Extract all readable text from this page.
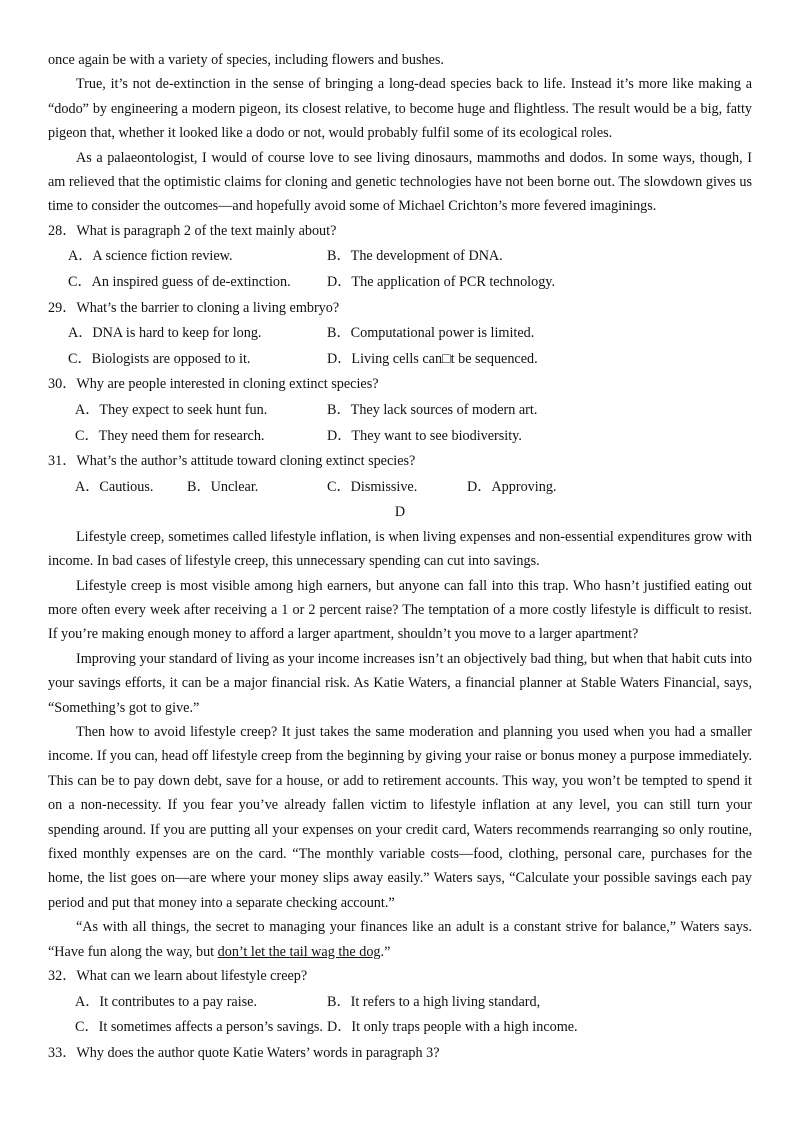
once again be with a variety of species, including flowers and bushes.

True, it’s not de-extinction in the sense of bringing a long-dead species back to life. Instead it’s more like making a “dodo” by engineering a modern pigeon, its closest relative, to become huge and flightless. The result would be a big, fatty pigeon that, whether it looked like a dodo or not, would probably fulfil some of its ecological roles.

As a palaeontologist, I would of course love to see living dinosaurs, mammoths and dodos. In some ways, though, I am relieved that the optimistic claims for cloning and genetic technologies have not been borne out. The slowdown gives us time to consider the outcomes—and hopefully avoid some of Michael Crichton’s more fevered imaginings.

28．What is paragraph 2 of the text mainly about?
A．A science fiction review.	B．The development of DNA.
C．An inspired guess of de-extinction.	D．The application of PCR technology.
29．What’s the barrier to cloning a living embryo?
A．DNA is hard to keep for long.	B．Computational power is limited.
C．Biologists are opposed to it.	D．Living cells can□t be sequenced.
30．Why are people interested in cloning extinct species?
A．They expect to seek hunt fun.	B．They lack sources of modern art.
C．They need them for research.	D．They want to see biodiversity.
31．What’s the author’s attitude toward cloning extinct species?
A．Cautious. B．Unclear.	C．Dismissive.	D．Approving.
D

Lifestyle creep, sometimes called lifestyle inflation, is when living expenses and non-essential expenditures grow with income. In bad cases of lifestyle creep, this unnecessary spending can cut into savings.

Lifestyle creep is most visible among high earners, but anyone can fall into this trap. Who hasn’t justified eating out more often every week after receiving a 1 or 2 percent raise? The temptation of a more costly lifestyle is difficult to resist. If you’re making enough money to afford a larger apartment, shouldn’t you move to a larger apartment?

Improving your standard of living as your income increases isn’t an objectively bad thing, but when that habit cuts into your savings efforts, it can be a major financial risk. As Katie Waters, a financial planner at Stable Waters Financial, says, “Something’s got to give.”

Then how to avoid lifestyle creep? It just takes the same moderation and planning you used when you had a smaller income. If you can, head off lifestyle creep from the beginning by giving your raise or bonus money a purpose immediately. This can be to pay down debt, save for a house, or add to retirement accounts. This way, you won’t be tempted to spend it on a non-necessity. If you fear you’ve already fallen victim to lifestyle inflation at any level, you can still turn your spending around. If you are putting all your expenses on your credit card, Waters recommends rearranging so only routine, fixed monthly expenses are on the card. “The monthly variable costs—food, clothing, personal care, purchases for the home, the list goes on—are where your money slips away easily.” Waters says, “Calculate your possible savings each pay period and put that money into a separate checking account.”

“As with all things, the secret to managing your finances like an adult is a constant strive for balance,” Waters says. “Have fun along the way, but don’t let the tail wag the dog.”

32．What can we learn about lifestyle creep?
A．It contributes to a pay raise.	B．It refers to a high living standard,
C．It sometimes affects a person’s savings. D．It only traps people with a high income.
33．Why does the author quote Katie Waters’ words in paragraph 3?
